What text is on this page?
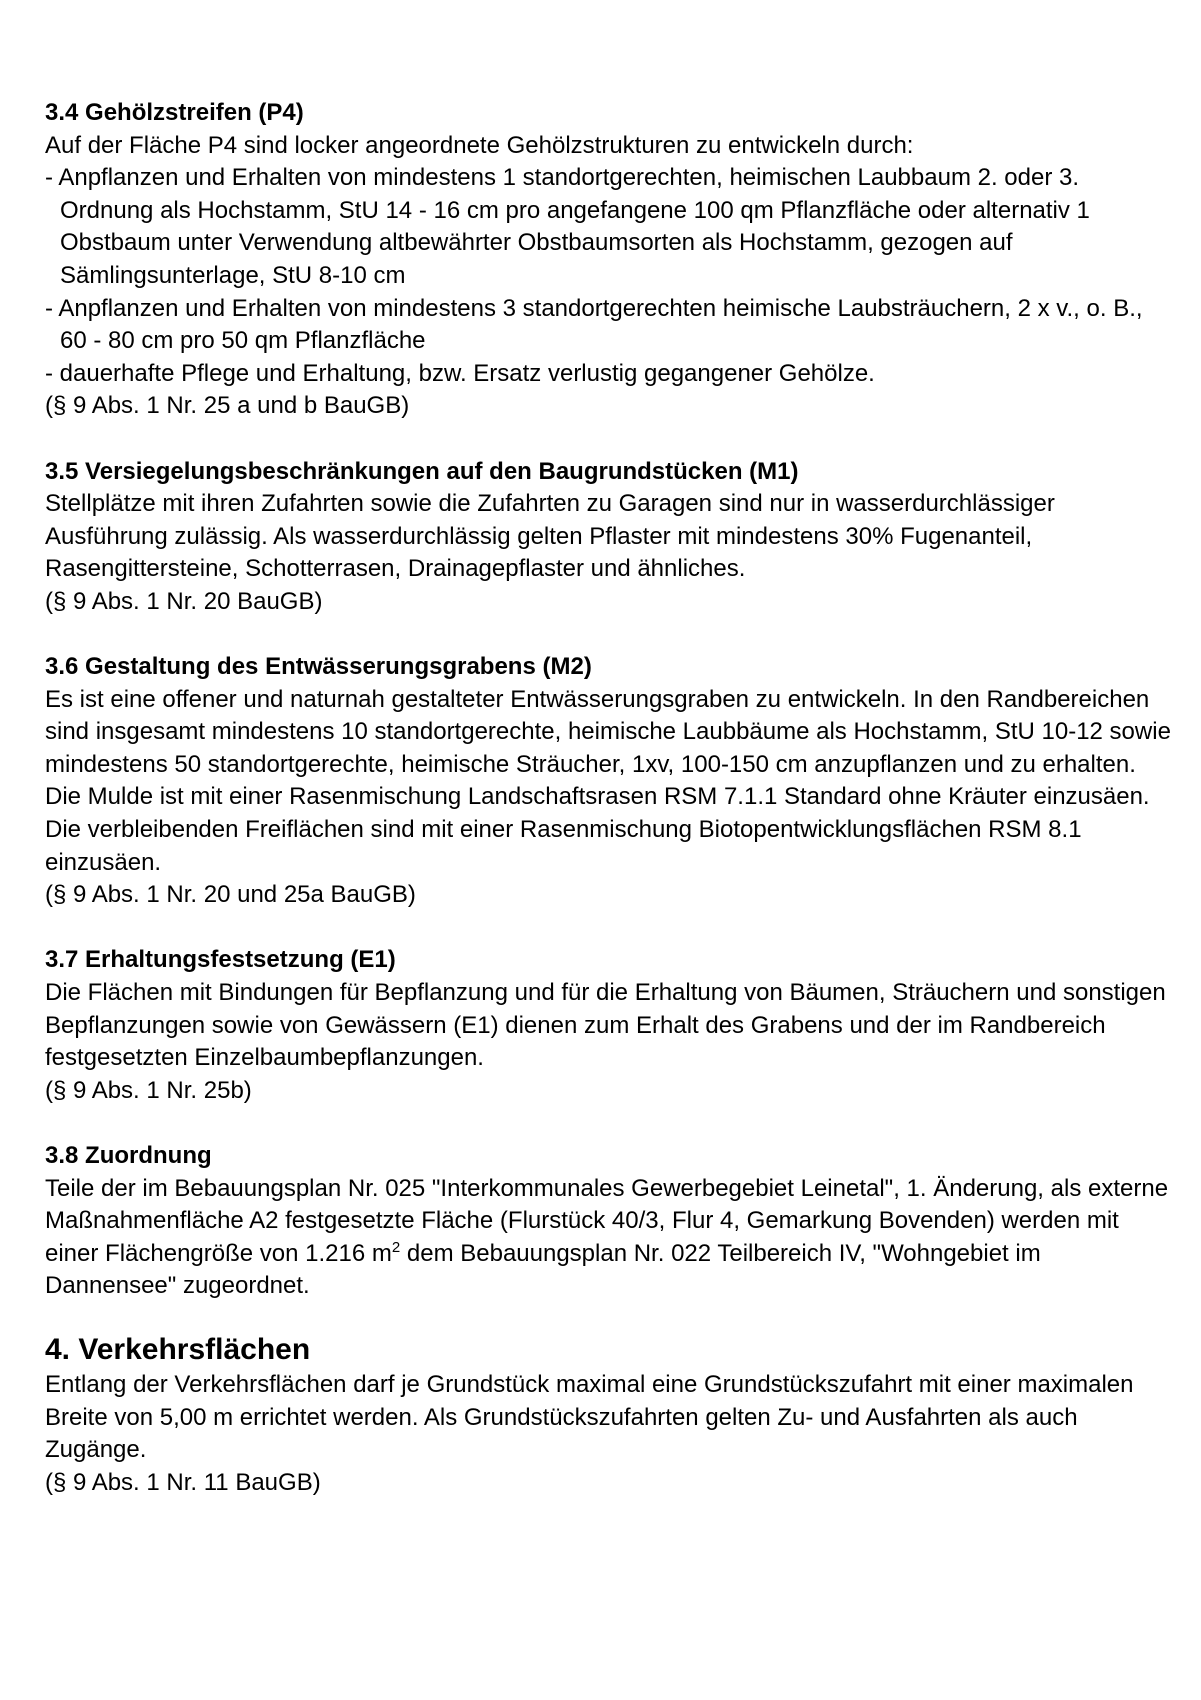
3.4 Gehölzstreifen (P4)
Auf der Fläche P4 sind locker angeordnete Gehölzstrukturen zu entwickeln durch:
- Anpflanzen und Erhalten von mindestens 1 standortgerechten, heimischen Laubbaum 2. oder 3. Ordnung als Hochstamm, StU 14 - 16 cm pro angefangene 100 qm Pflanzfläche oder alternativ 1 Obstbaum unter Verwendung altbewährter Obstbaumsorten als Hochstamm, gezogen auf Sämlingsunterlage, StU 8-10 cm
- Anpflanzen und Erhalten von mindestens 3 standortgerechten heimische Laubsträuchern, 2 x v., o. B., 60 - 80 cm pro 50 qm Pflanzfläche
- dauerhafte Pflege und Erhaltung, bzw. Ersatz verlustig gegangener Gehölze.
(§ 9 Abs. 1 Nr. 25 a und b BauGB)
3.5 Versiegelungsbeschränkungen auf den Baugrundstücken (M1)
Stellplätze mit ihren Zufahrten sowie die Zufahrten zu Garagen sind nur in wasserdurchlässiger Ausführung zulässig. Als wasserdurchlässig gelten Pflaster mit mindestens 30% Fugenanteil, Rasengittersteine, Schotterrasen, Drainagepflaster und ähnliches.
(§ 9 Abs. 1 Nr. 20 BauGB)
3.6 Gestaltung des Entwässerungsgrabens (M2)
Es ist eine offener und naturnah gestalteter Entwässerungsgraben zu entwickeln. In den Randbereichen sind insgesamt mindestens 10 standortgerechte, heimische Laubbäume als Hochstamm, StU 10-12 sowie mindestens 50 standortgerechte, heimische Sträucher, 1xv, 100-150 cm anzupflanzen und zu erhalten. Die Mulde ist mit einer Rasenmischung Landschaftsrasen RSM 7.1.1 Standard ohne Kräuter einzusäen. Die verbleibenden Freiflächen sind mit einer Rasenmischung Biotopentwicklungsflächen RSM 8.1 einzusäen.
(§ 9 Abs. 1 Nr. 20 und 25a BauGB)
3.7 Erhaltungsfestsetzung (E1)
Die Flächen mit Bindungen für Bepflanzung und für die Erhaltung von Bäumen, Sträuchern und sonstigen Bepflanzungen sowie von Gewässern (E1) dienen zum Erhalt des Grabens und der im Randbereich festgesetzten Einzelbaumbepflanzungen.
(§ 9 Abs. 1 Nr. 25b)
3.8 Zuordnung
Teile der im Bebauungsplan Nr. 025 "Interkommunales Gewerbegebiet Leinetal", 1. Änderung, als externe Maßnahmenfläche A2 festgesetzte Fläche (Flurstück 40/3, Flur 4, Gemarkung Bovenden) werden mit einer Flächengröße von 1.216 $m^2$ dem Bebauungsplan Nr. 022 Teilbereich IV, "Wohngebiet im Dannensee" zugeordnet.
4. Verkehrsflächen
Entlang der Verkehrsflächen darf je Grundstück maximal eine Grundstückszufahrt mit einer maximalen Breite von 5,00 m errichtet werden. Als Grundstückszufahrten gelten Zu- und Ausfahrten als auch Zugänge.
(§ 9 Abs. 1 Nr. 11 BauGB)
